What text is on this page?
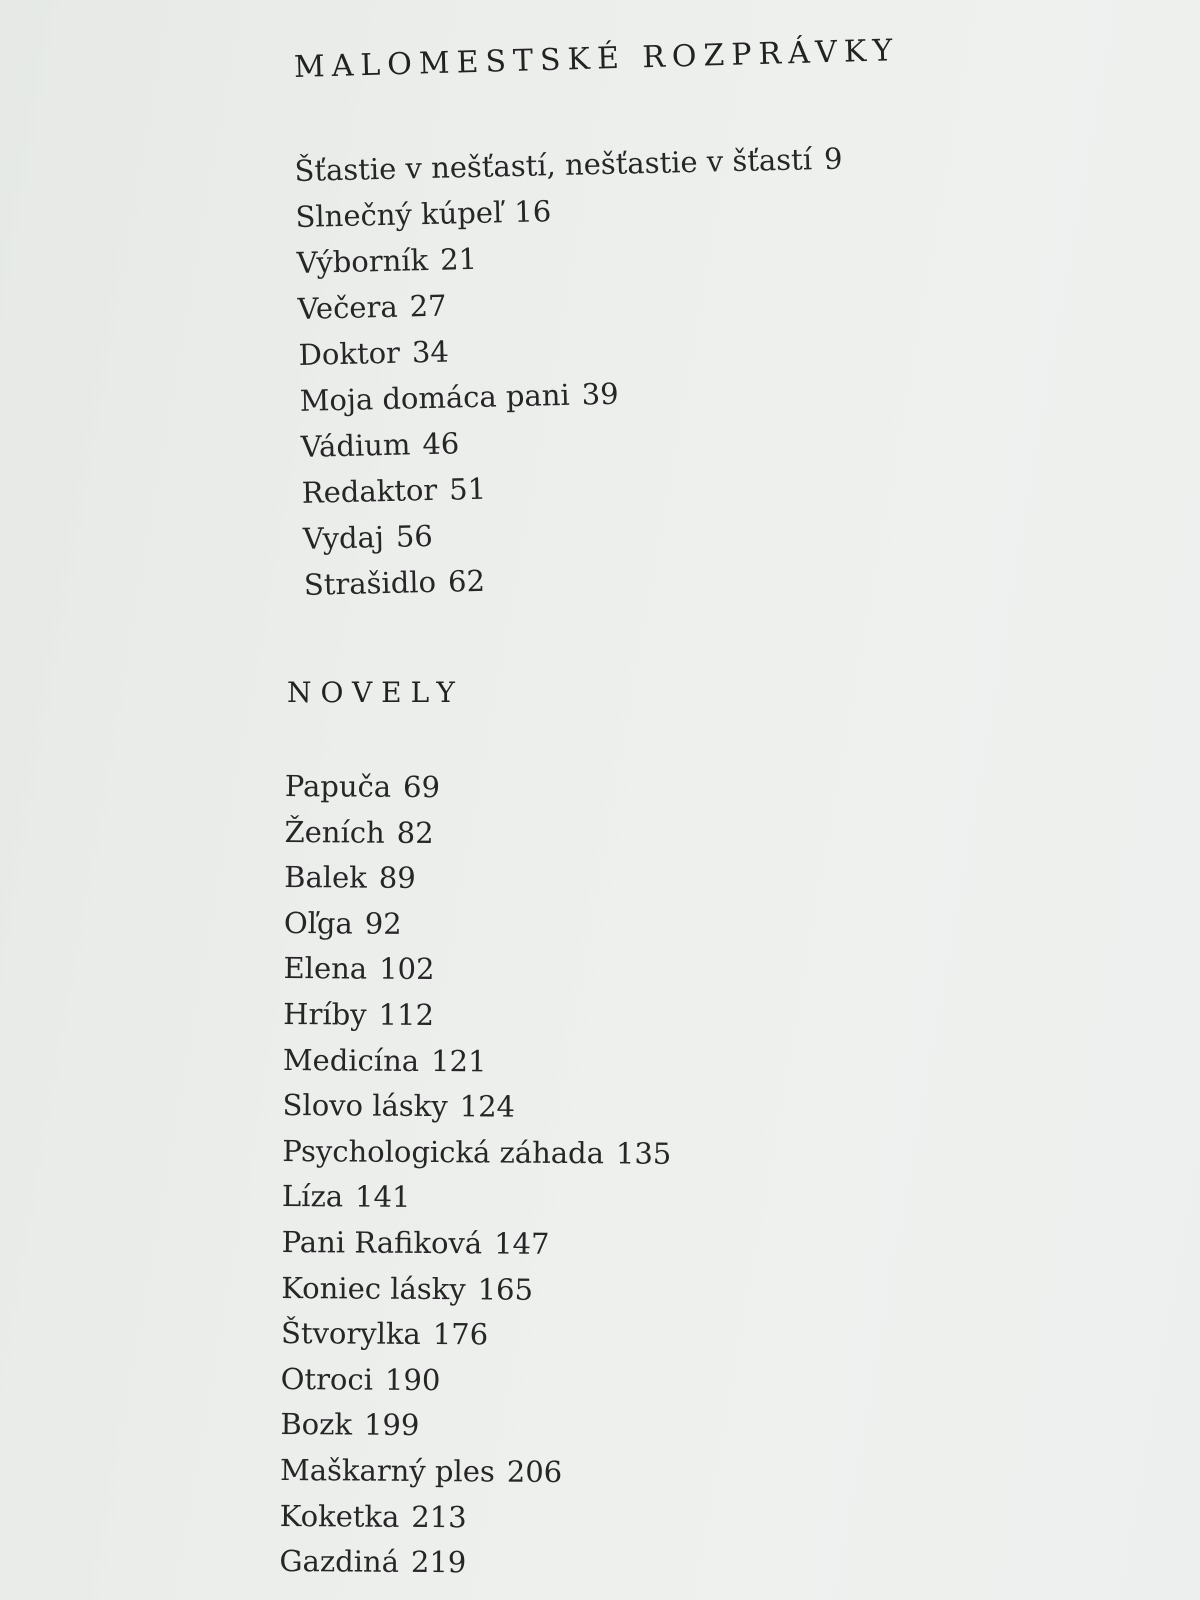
MALOMESTSKÉ ROZPRÁVKY
Šťastie v nešťastí, nešťastie v šťastí 9
Slnečný kúpeľ 16
Výborník 21
Večera 27
Doktor 34
Moja domáca pani 39
Vádium 46
Redaktor 51
Vydaj 56
Strašidlo 62
NOVELY
Papuča 69
Ženích 82
Balek 89
Oľga 92
Elena 102
Hríby 112
Medicína 121
Slovo lásky 124
Psychologická záhada 135
Líza 141
Pani Rafiková 147
Koniec lásky 165
Štvorylka 176
Otroci 190
Bozk 199
Maškarný ples 206
Koketka 213
Gazdiná 219
